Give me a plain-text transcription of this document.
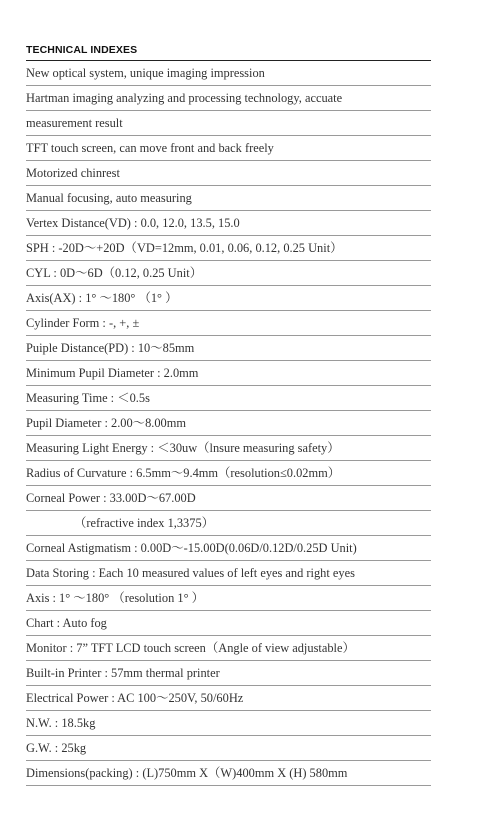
TECHNICAL INDEXES
New optical system, unique imaging impression
Hartman imaging analyzing and processing technology, accuate
measurement result
TFT touch screen, can move front and back freely
Motorized chinrest
Manual focusing, auto measuring
Vertex Distance(VD) : 0.0, 12.0, 13.5, 15.0
SPH : -20D～+20D（VD=12mm, 0.01, 0.06, 0.12, 0.25 Unit）
CYL : 0D～6D（0.12, 0.25 Unit）
Axis(AX) : 1° ～180° （1° ）
Cylinder Form : -, +, ±
Puiple Distance(PD) : 10～85mm
Minimum Pupil Diameter : 2.0mm
Measuring Time : ＜0.5s
Pupil Diameter : 2.00～8.00mm
Measuring Light Energy : ＜30uw（lnsure measuring safety）
Radius of Curvature : 6.5mm～9.4mm（resolution≤0.02mm）
Corneal Power : 33.00D～67.00D
（refractive index 1,3375）
Corneal Astigmatism : 0.00D～-15.00D(0.06D/0.12D/0.25D Unit)
Data Storing : Each 10 measured values of left eyes and right eyes
Axis : 1° ～180° （resolution 1° ）
Chart : Auto fog
Monitor : 7” TFT LCD touch screen（Angle of view adjustable）
Built-in Printer : 57mm thermal printer
Electrical Power : AC 100～250V, 50/60Hz
N.W. : 18.5kg
G.W. : 25kg
Dimensions(packing) : (L)750mm X（W)400mm X (H) 580mm
